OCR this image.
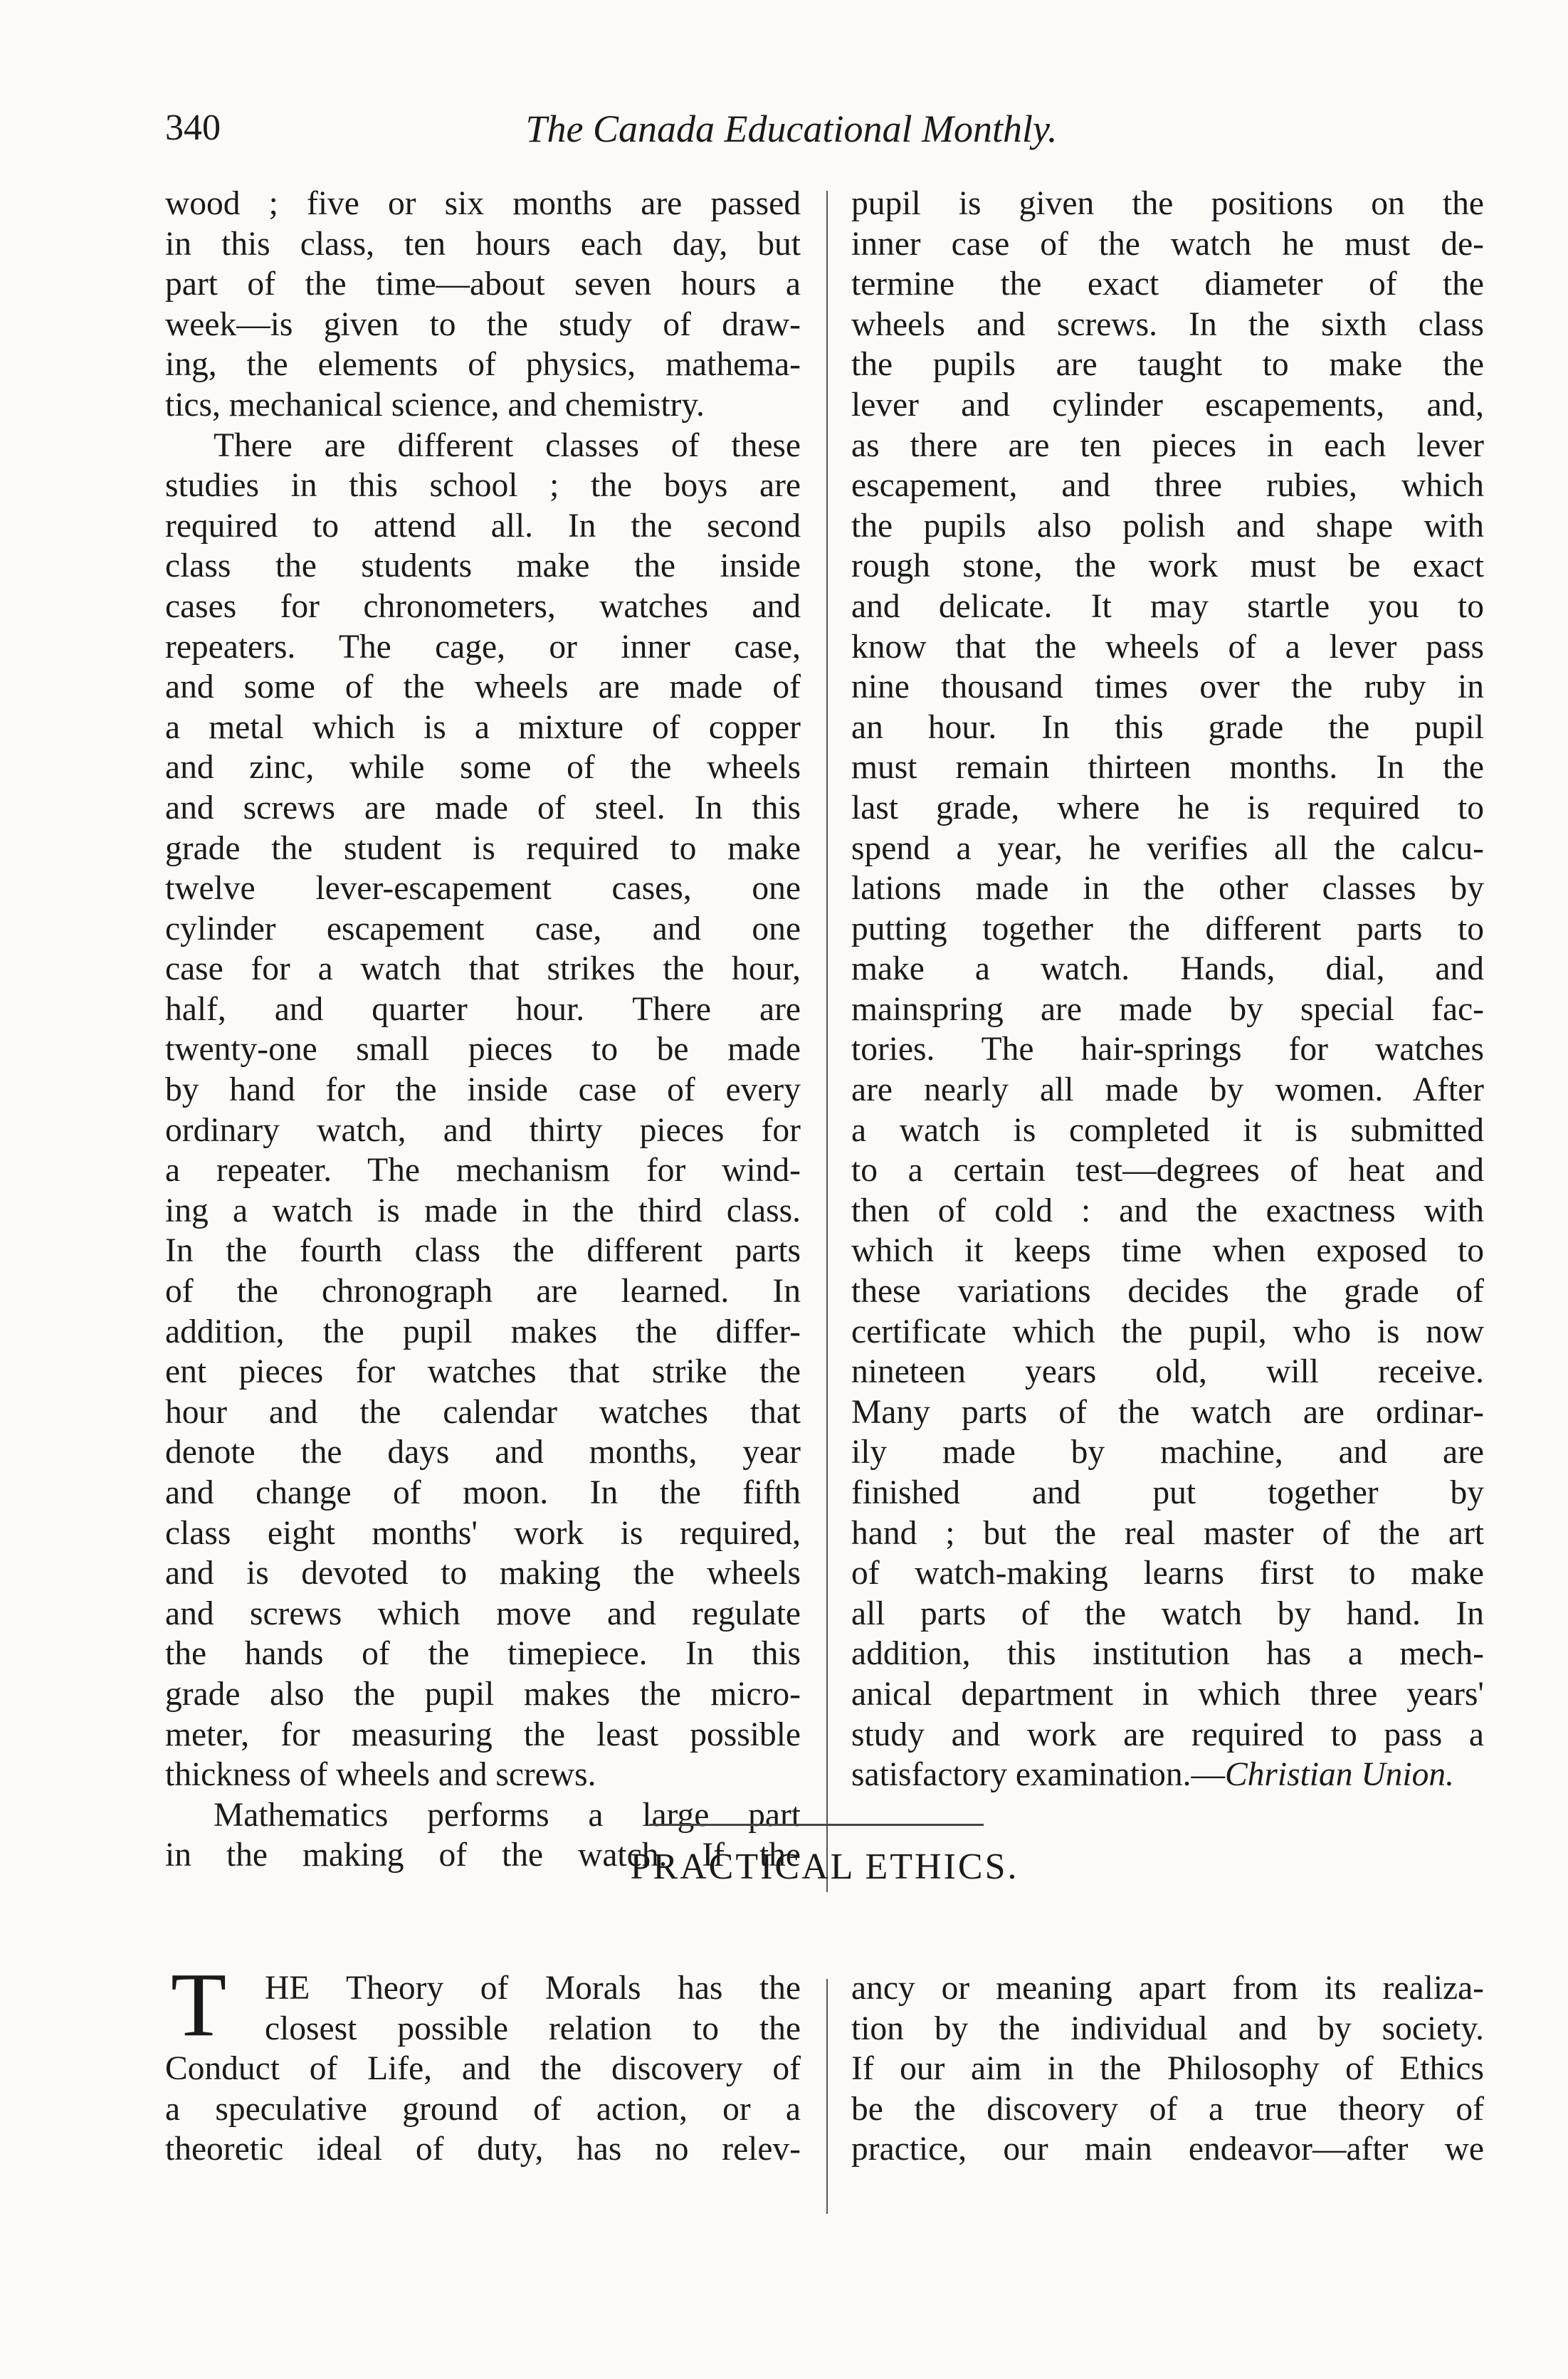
340	The Canada Educational Monthly.
wood ; five or six months are passed
in this class, ten hours each day, but
part of the time—about seven hours a
week—is given to the study of draw-
ing, the elements of physics, mathema-
tics, mechanical science, and chemistry.
There are different classes of these
studies in this school ; the boys are
required to attend all. In the second
class the students make the inside
cases for chronometers, watches and
repeaters. The cage, or inner case,
and some of the wheels are made of
a metal which is a mixture of copper
and zinc, while some of the wheels
and screws are made of steel. In this
grade the student is required to make
twelve lever-escapement cases, one
cylinder escapement case, and one
case for a watch that strikes the hour,
half, and quarter hour. There are
twenty-one small pieces to be made
by hand for the inside case of every
ordinary watch, and thirty pieces for
a repeater. The mechanism for wind-
ing a watch is made in the third class.
In the fourth class the different parts
of the chronograph are learned. In
addition, the pupil makes the differ-
ent pieces for watches that strike the
hour and the calendar watches that
denote the days and months, year
and change of moon. In the fifth
class eight months' work is required,
and is devoted to making the wheels
and screws which move and regulate
the hands of the timepiece. In this
grade also the pupil makes the micro-
meter, for measuring the least possible
thickness of wheels and screws.
Mathematics performs a large part
in the making of the watch. If the
pupil is given the positions on the
inner case of the watch he must de-
termine the exact diameter of the
wheels and screws. In the sixth class
the pupils are taught to make the
lever and cylinder escapements, and,
as there are ten pieces in each lever
escapement, and three rubies, which
the pupils also polish and shape with
rough stone, the work must be exact
and delicate. It may startle you to
know that the wheels of a lever pass
nine thousand times over the ruby in
an hour. In this grade the pupil
must remain thirteen months. In the
last grade, where he is required to
spend a year, he verifies all the calcu-
lations made in the other classes by
putting together the different parts to
make a watch. Hands, dial, and
mainspring are made by special fac-
tories. The hair-springs for watches
are nearly all made by women. After
a watch is completed it is submitted
to a certain test—degrees of heat and
then of cold : and the exactness with
which it keeps time when exposed to
these variations decides the grade of
certificate which the pupil, who is now
nineteen years old, will receive.
Many parts of the watch are ordinar-
ily made by machine, and are
finished and put together by
hand ; but the real master of the art
of watch-making learns first to make
all parts of the watch by hand. In
addition, this institution has a mech-
anical department in which three years'
study and work are required to pass a
satisfactory examination.—Christian Union.
PRACTICAL ETHICS.
T	HE Theory of Morals has the
closest possible relation to the
Conduct of Life, and the discovery of
a speculative ground of action, or a
theoretic ideal of duty, has no relev-
ancy or meaning apart from its realiza-
tion by the individual and by society.
If our aim in the Philosophy of Ethics
be the discovery of a true theory of
practice, our main endeavor—after we
